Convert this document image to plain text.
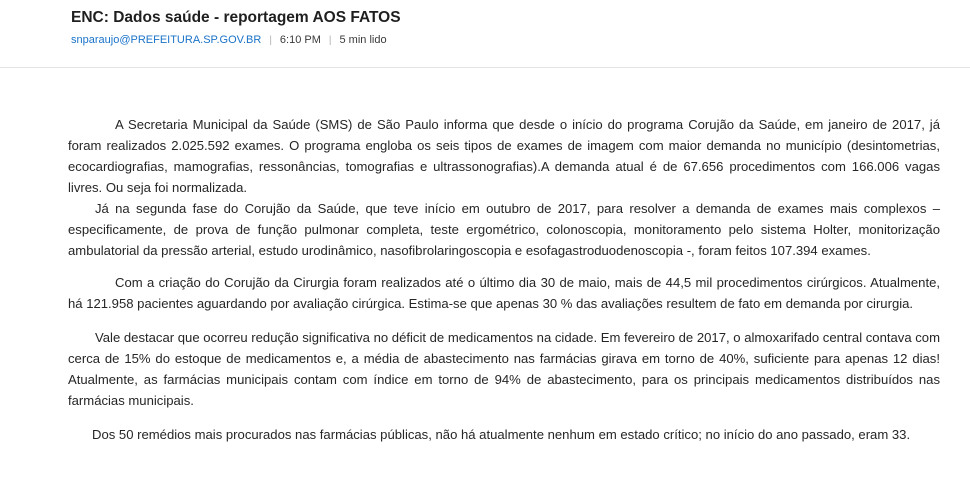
ENC: Dados saúde - reportagem AOS FATOS
snparaujo@PREFEITURA.SP.GOV.BR | 6:10 PM | 5 min lido

A Secretaria Municipal da Saúde (SMS) de São Paulo informa que desde o início do programa Corujão da Saúde, em janeiro de 2017, já foram realizados 2.025.592 exames. O programa engloba os seis tipos de exames de imagem com maior demanda no município (desintometrias, ecocardiografias, mamografias, ressonâncias, tomografias e ultrassonografias).A demanda atual é de 67.656 procedimentos com 166.006 vagas livres. Ou seja foi normalizada.

Já na segunda fase do Corujão da Saúde, que teve início em outubro de 2017, para resolver a demanda de exames mais complexos – especificamente, de prova de função pulmonar completa, teste ergométrico, colonoscopia, monitoramento pelo sistema Holter, monitorização ambulatorial da pressão arterial, estudo urodinâmico, nasofibrolaringoscopia e esofagastroduodenoscopia -, foram feitos 107.394 exames.

Com a criação do Corujão da Cirurgia foram realizados até o último dia 30 de maio, mais de 44,5 mil procedimentos cirúrgicos. Atualmente, há 121.958 pacientes aguardando por avaliação cirúrgica. Estima-se que apenas 30 % das avaliações resultem de fato em demanda por cirurgia.

Vale destacar que ocorreu redução significativa no déficit de medicamentos na cidade. Em fevereiro de 2017, o almoxarifado central contava com cerca de 15% do estoque de medicamentos e, a média de abastecimento nas farmácias girava em torno de 40%, suficiente para apenas 12 dias! Atualmente, as farmácias municipais contam com índice em torno de 94% de abastecimento, para os principais medicamentos distribuídos nas farmácias municipais.

Dos 50 remédios mais procurados nas farmácias públicas, não há atualmente nenhum em estado crítico; no início do ano passado, eram 33.
